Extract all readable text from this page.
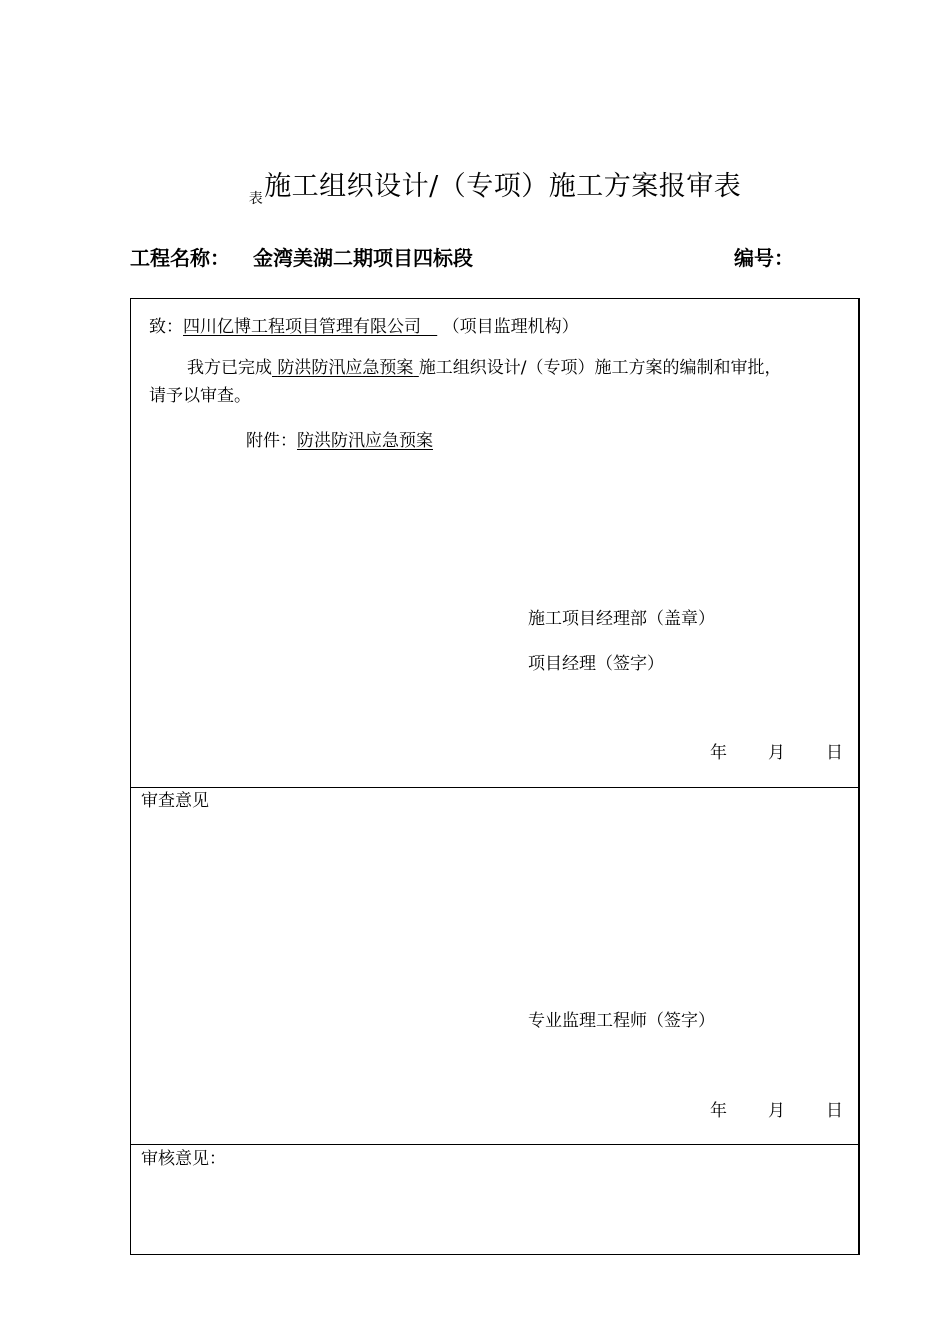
$_表$施工组织设计/（专项）施工方案报审表
工程名称： 金湾美湖二期项目四标段	编号：
致：四川亿博工程项目管理有限公司 （项目监理机构）
我方已完成 防洪防汛应急预案 施工组织设计/（专项）施工方案的编制和审批，
请予以审查。
附件：防洪防汛应急预案
施工项目经理部（盖章）
项目经理（签字）
年 月 日
审查意见
专业监理工程师（签字）
年 月 日
审核意见：
